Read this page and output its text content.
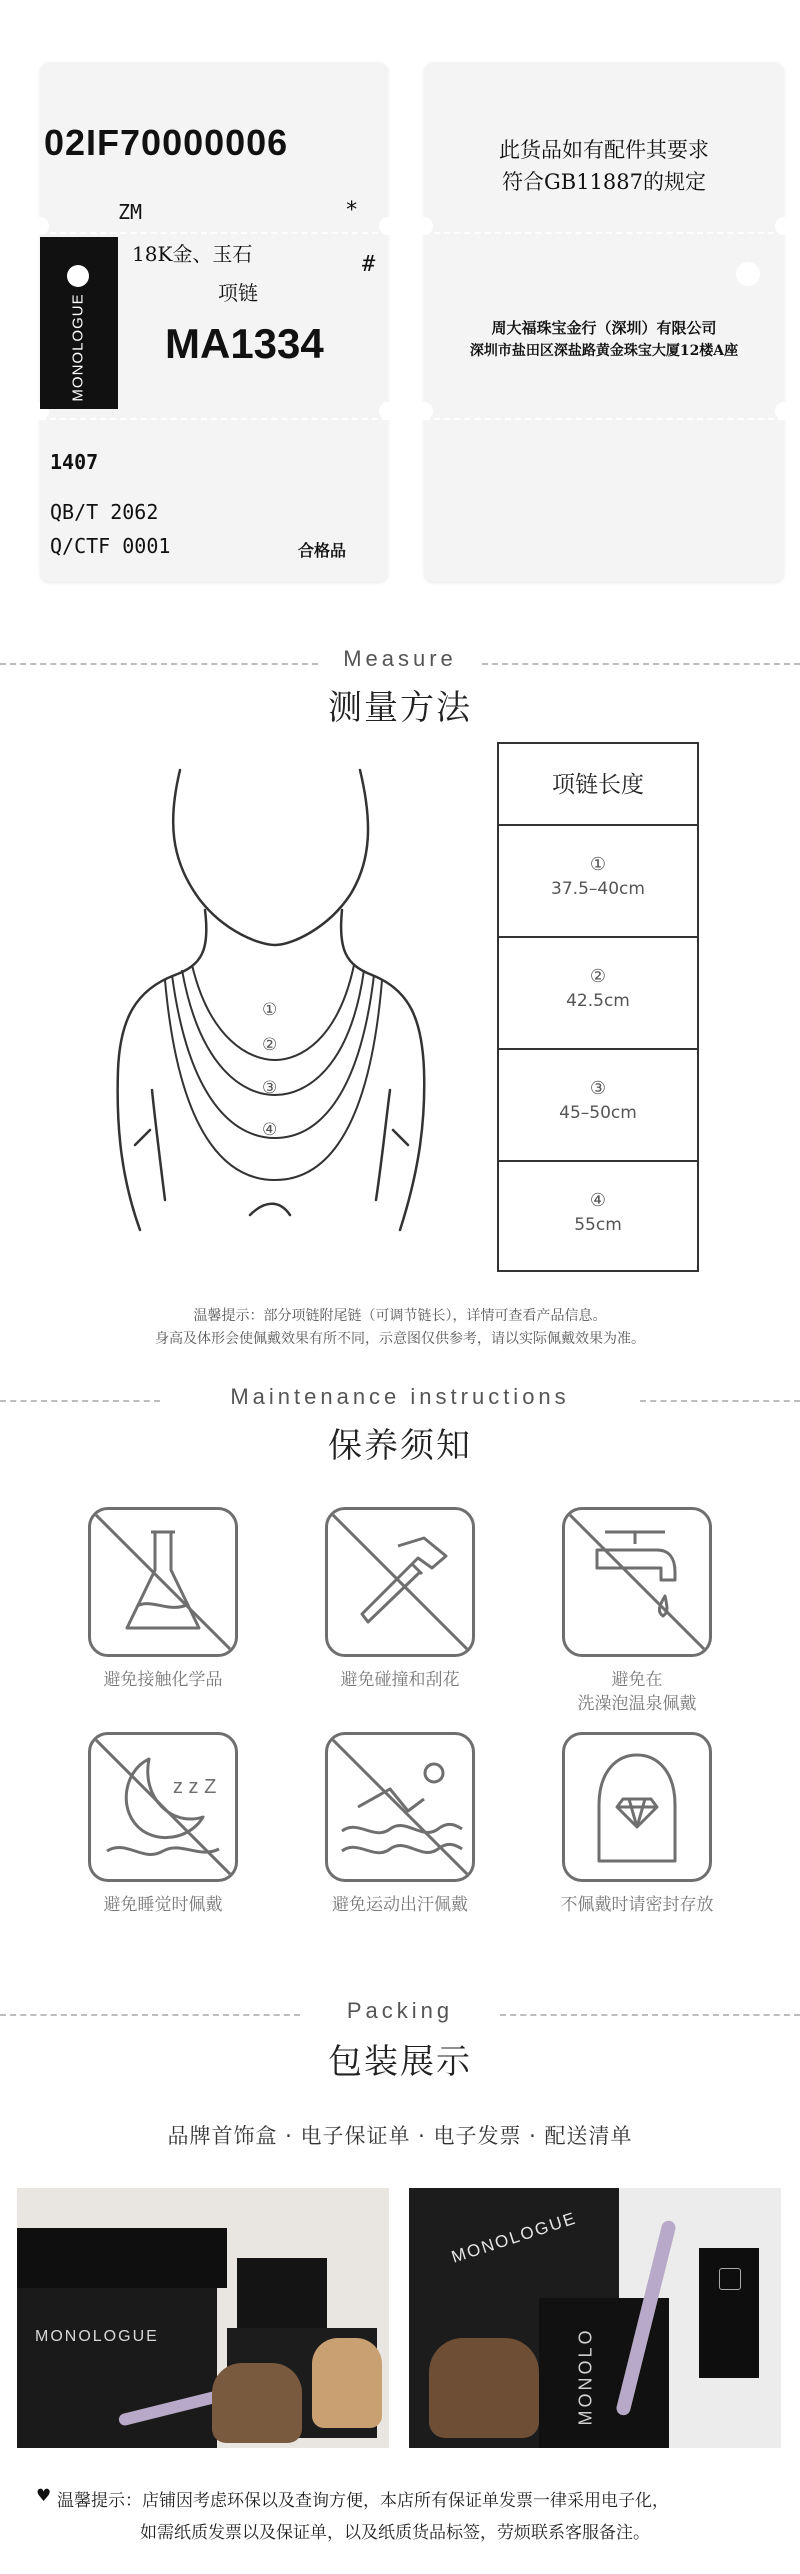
02IF70000006
ZM	*
MONOLOGUE
18K金、玉石	#
项链
MA1334
1407
QB/T 2062
Q/CTF 0001	合格品
此货品如有配件其要求
符合GB11887的规定
周大福珠宝金行（深圳）有限公司
深圳市盐田区深盐路黄金珠宝大厦12楼A座
Measure
测量方法
①
②
③
④
项链长度
①
37.5–40cm
②
42.5cm
③
45–50cm
④
55cm
温馨提示：部分项链附尾链（可调节链长），详情可查看产品信息。
身高及体形会使佩戴效果有所不同，示意图仅供参考，请以实际佩戴效果为准。
Maintenance instructions
保养须知
避免接触化学品	避免碰撞和刮花	避免在
洗澡泡温泉佩戴
z z Z
避免睡觉时佩戴	避免运动出汗佩戴	不佩戴时请密封存放
Packing
包装展示
品牌首饰盒 · 电子保证单 · 电子发票 · 配送清单
MONOLOGUE
MONOLOGUE
MONOLO
♥ 温馨提示：店铺因考虑环保以及查询方便，本店所有保证单发票一律采用电子化，
如需纸质发票以及保证单，以及纸质货品标签，劳烦联系客服备注。
